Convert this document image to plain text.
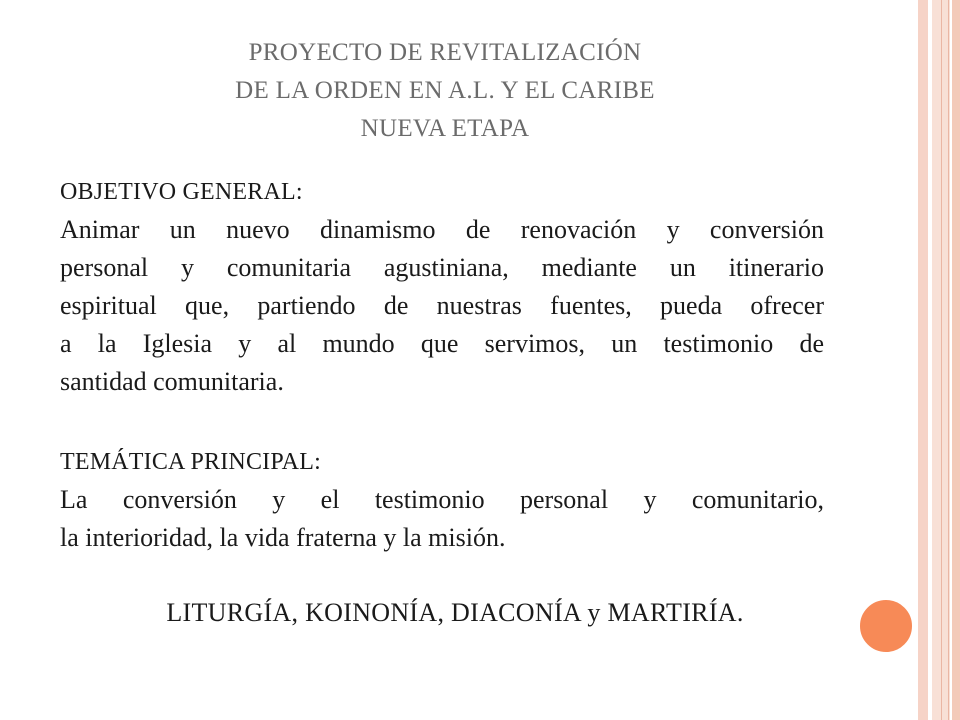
PROYECTO DE REVITALIZACIÓN
DE LA ORDEN EN A.L. Y EL CARIBE
NUEVA ETAPA
OBJETIVO GENERAL:
Animar un nuevo dinamismo de renovación y conversión
personal y comunitaria agustiniana, mediante un itinerario
espiritual que, partiendo de nuestras fuentes, pueda ofrecer
a la Iglesia y al mundo que servimos, un testimonio de
santidad comunitaria.
TEMÁTICA PRINCIPAL:
La conversión y el testimonio personal y comunitario,
la interioridad, la vida fraterna y la misión.
LITURGÍA, KOINONÍA, DIACONÍA y MARTIRÍA.
